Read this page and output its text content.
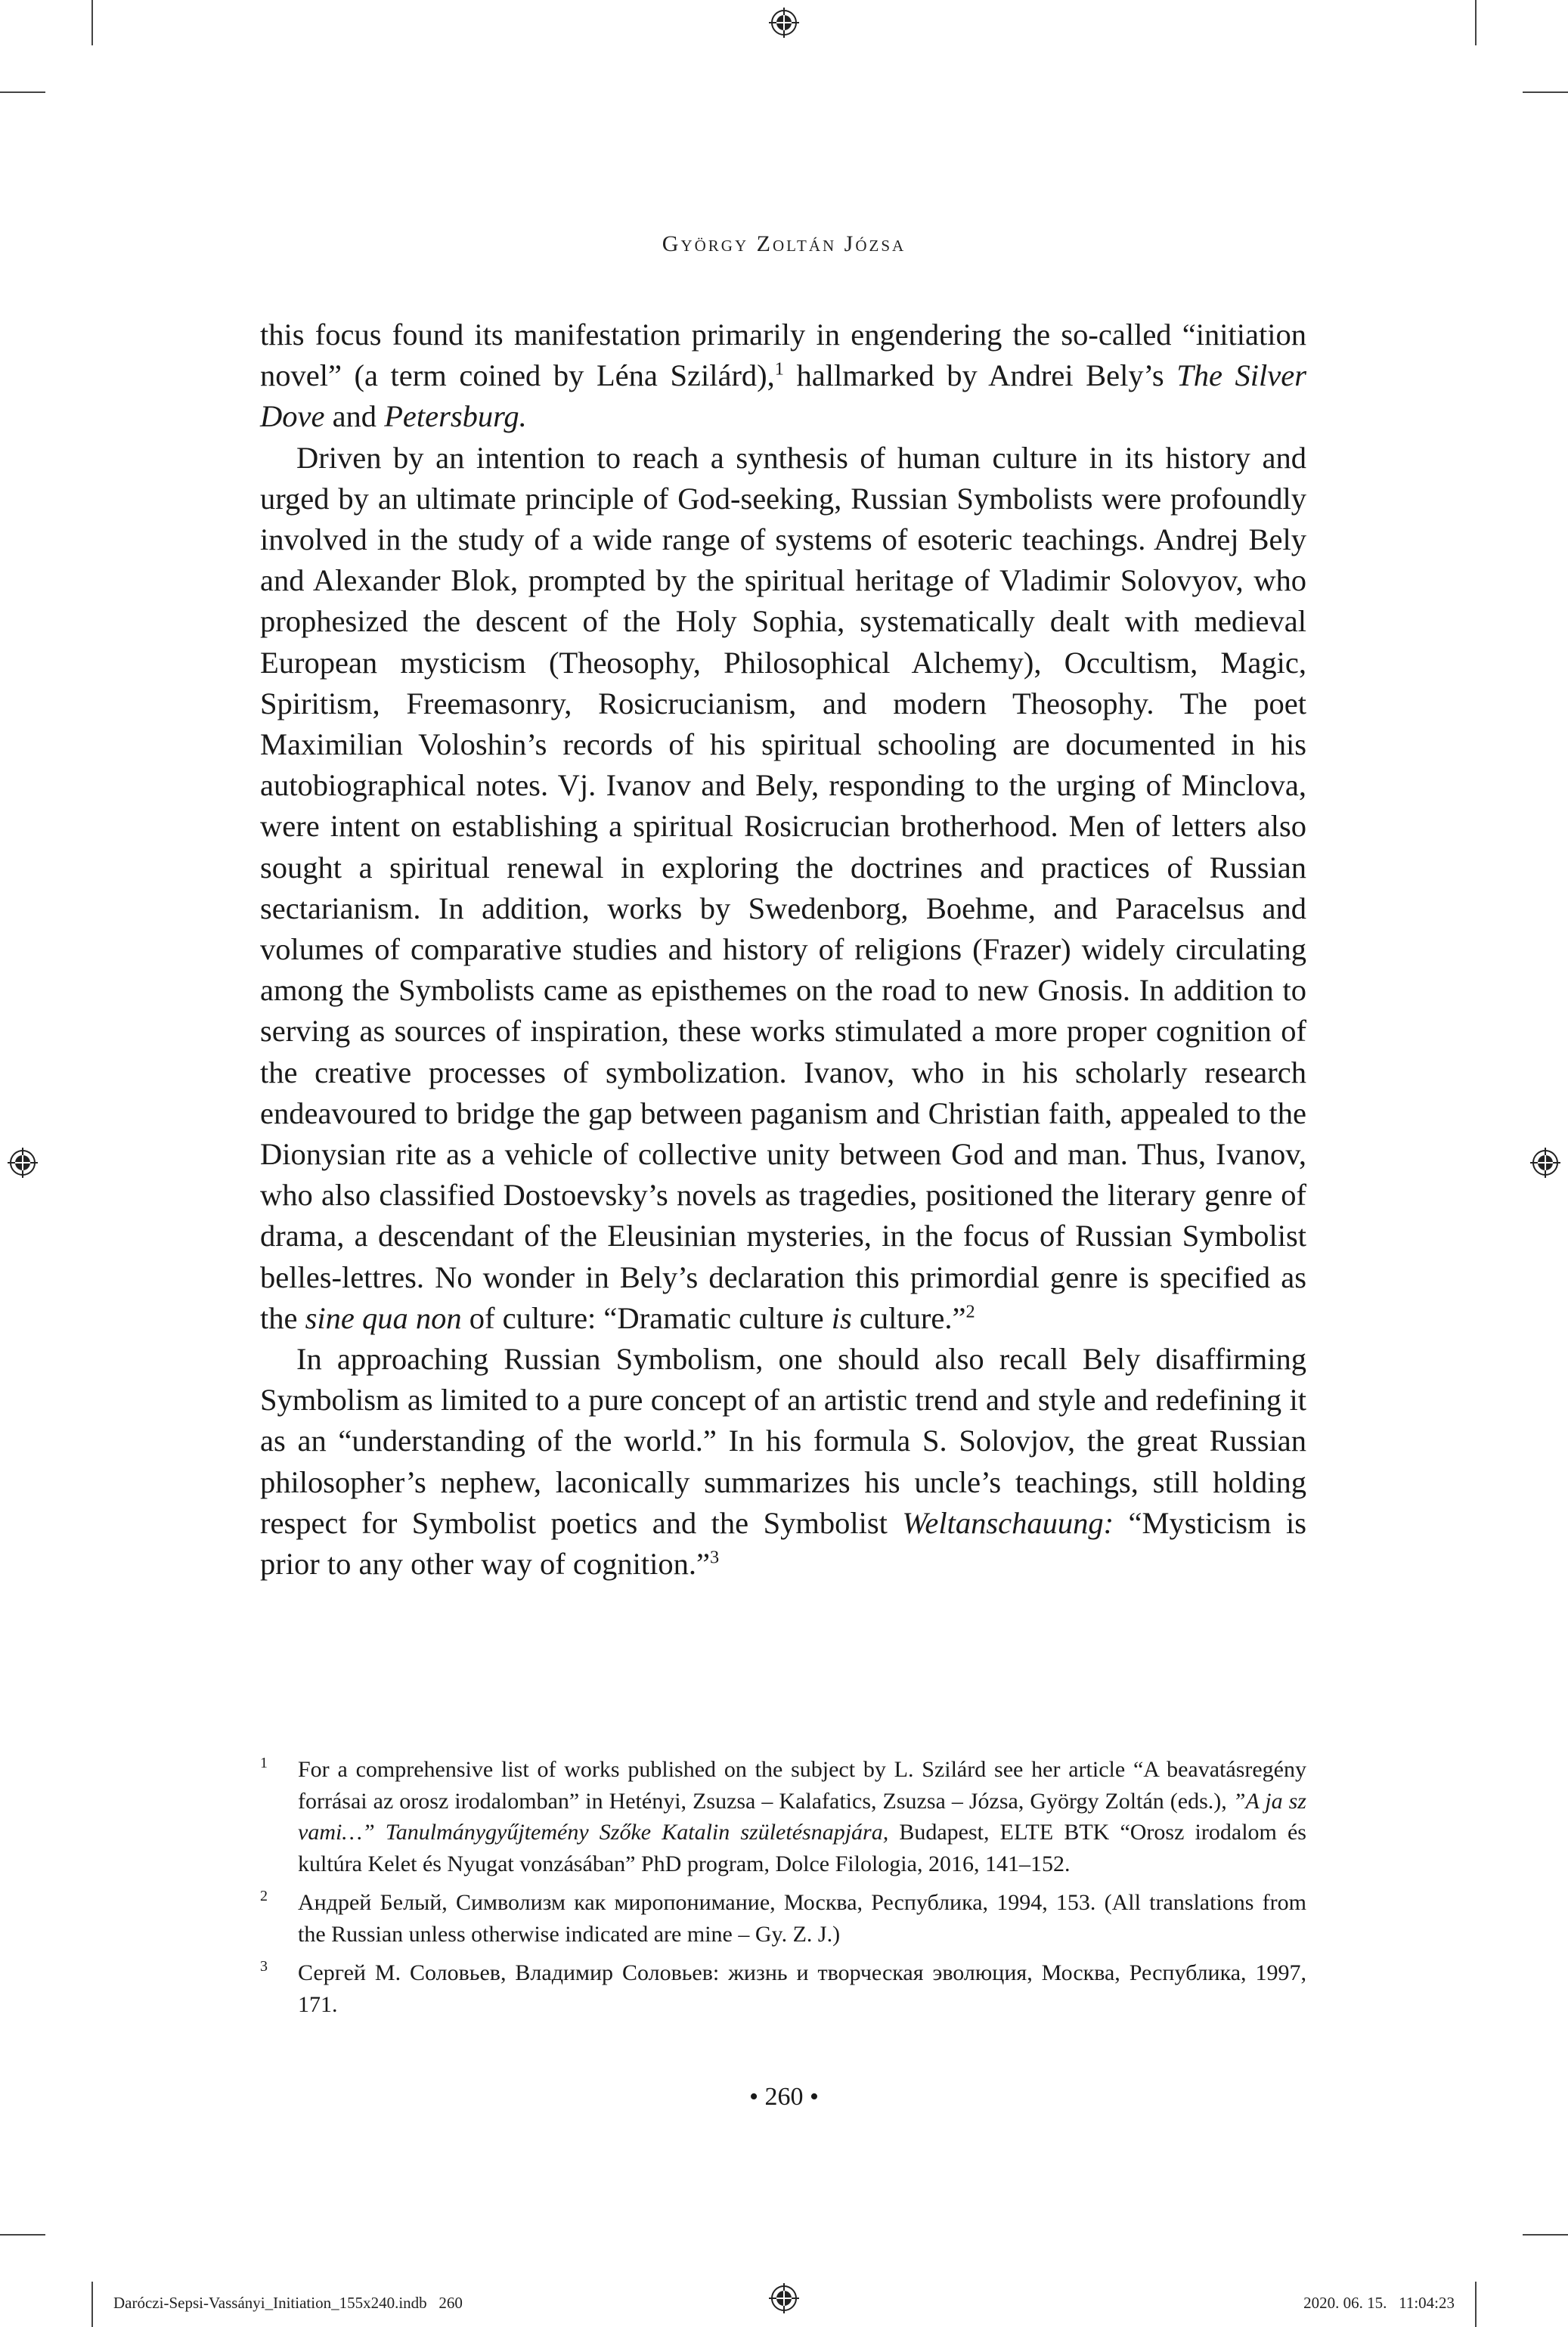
György Zoltán Józsa

this focus found its manifestation primarily in engendering the so-called “initiation novel” (a term coined by Léna Szilárd),$^1$ hallmarked by Andrei Bely’s The Silver Dove and Petersburg.

Driven by an intention to reach a synthesis of human culture in its history and urged by an ultimate principle of God-seeking, Russian Symbolists were profoundly involved in the study of a wide range of systems of esoteric teachings. Andrej Bely and Alexander Blok, prompted by the spiritual heritage of Vladimir Solovyov, who prophesized the descent of the Holy Sophia, systematically dealt with medieval European mysticism (Theosophy, Philosophical Alchemy), Occultism, Magic, Spiritism, Freemasonry, Rosicrucianism, and modern Theosophy. The poet Maximilian Voloshin’s records of his spiritual schooling are documented in his autobiographical notes. Vj. Ivanov and Bely, responding to the urging of Minclova, were intent on establishing a spiritual Rosicrucian brotherhood. Men of letters also sought a spiritual renewal in exploring the doctrines and practices of Russian sectarianism. In addition, works by Swedenborg, Boehme, and Paracelsus and volumes of comparative studies and history of religions (Frazer) widely circulating among the Symbolists came as episthemes on the road to new Gnosis. In addition to serving as sources of inspiration, these works stimulated a more proper cognition of the creative processes of symbolization. Ivanov, who in his scholarly research endeavoured to bridge the gap between paganism and Christian faith, appealed to the Dionysian rite as a vehicle of collective unity between God and man. Thus, Ivanov, who also classified Dostoevsky’s novels as tragedies, positioned the literary genre of drama, a descendant of the Eleusinian mysteries, in the focus of Russian Symbolist belles-lettres. No wonder in Bely’s declaration this primordial genre is specified as the sine qua non of culture: “Dramatic culture is culture.”$^2$

In approaching Russian Symbolism, one should also recall Bely disaffirming Symbolism as limited to a pure concept of an artistic trend and style and redefining it as an “understanding of the world.” In his formula S. Solovjov, the great Russian philosopher’s nephew, laconically summarizes his uncle’s teachings, still holding respect for Symbolist poetics and the Symbolist Weltanschauung: “Mysticism is prior to any other way of cognition.”$^3$

1 For a comprehensive list of works published on the subject by L. Szilárd see her article “A beavatásregény forrásai az orosz irodalomban” in Hetényi, Zsuzsa – Kalafatics, Zsuzsa – Józsa, György Zoltán (eds.), ”A ja sz vami…” Tanulmánygyűjtemény Szőke Katalin születésnapjára, Budapest, ELTE BTK “Orosz irodalom és kultúra Kelet és Nyugat vonzásában” PhD program, Dolce Filologia, 2016, 141–152.
2 Андрей Белый, Символизм как миропонимание, Москва, Республика, 1994, 153. (All translations from the Russian unless otherwise indicated are mine – Gy. Z. J.)
3 Сергей М. Соловьев, Владимир Соловьев: жизнь и творческая эволюция, Москва, Республика, 1997, 171.
• 260 •
Daróczi-Sepsi-Vassányi_Initiation_155x240.indb   260	2020. 06. 15.   11:04:23
